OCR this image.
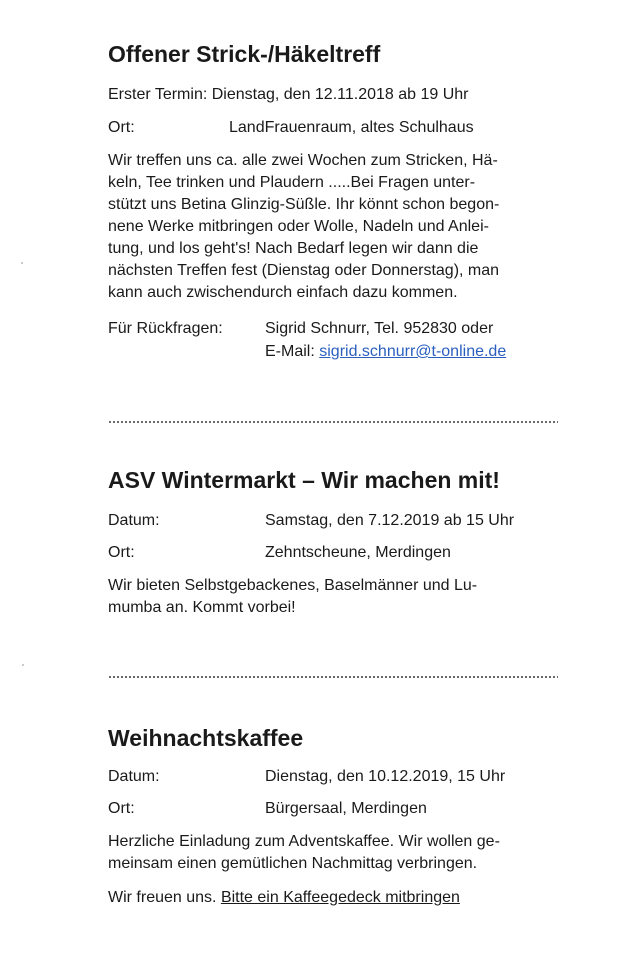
Offener Strick-/Häkeltreff
Erster Termin: Dienstag, den 12.11.2018 ab 19 Uhr
Ort:	LandFrauenraum, altes Schulhaus
Wir treffen uns ca. alle zwei Wochen zum Stricken, Hä-
keln, Tee trinken und Plaudern .....Bei Fragen unter-
stützt uns Betina Glinzig-Süßle. Ihr könnt schon begon-
nene Werke mitbringen oder Wolle, Nadeln und Anlei-
tung, und los geht's! Nach Bedarf legen wir dann die
nächsten Treffen fest (Dienstag oder Donnerstag), man
kann auch zwischendurch einfach dazu kommen.
Für Rückfragen:	Sigrid Schnurr, Tel. 952830 oder
E-Mail: sigrid.schnurr@t-online.de
ASV Wintermarkt – Wir machen mit!
Datum:	Samstag, den 7.12.2019 ab 15 Uhr
Ort:	Zehntscheune, Merdingen
Wir bieten Selbstgebackenes, Baselmänner und Lu-
mumba an. Kommt vorbei!
Weihnachtskaffee
Datum:	Dienstag, den 10.12.2019, 15 Uhr
Ort:	Bürgersaal, Merdingen
Herzliche Einladung zum Adventskaffee. Wir wollen ge-
meinsam einen gemütlichen Nachmittag verbringen.
Wir freuen uns. Bitte ein Kaffeegedeck mitbringen
